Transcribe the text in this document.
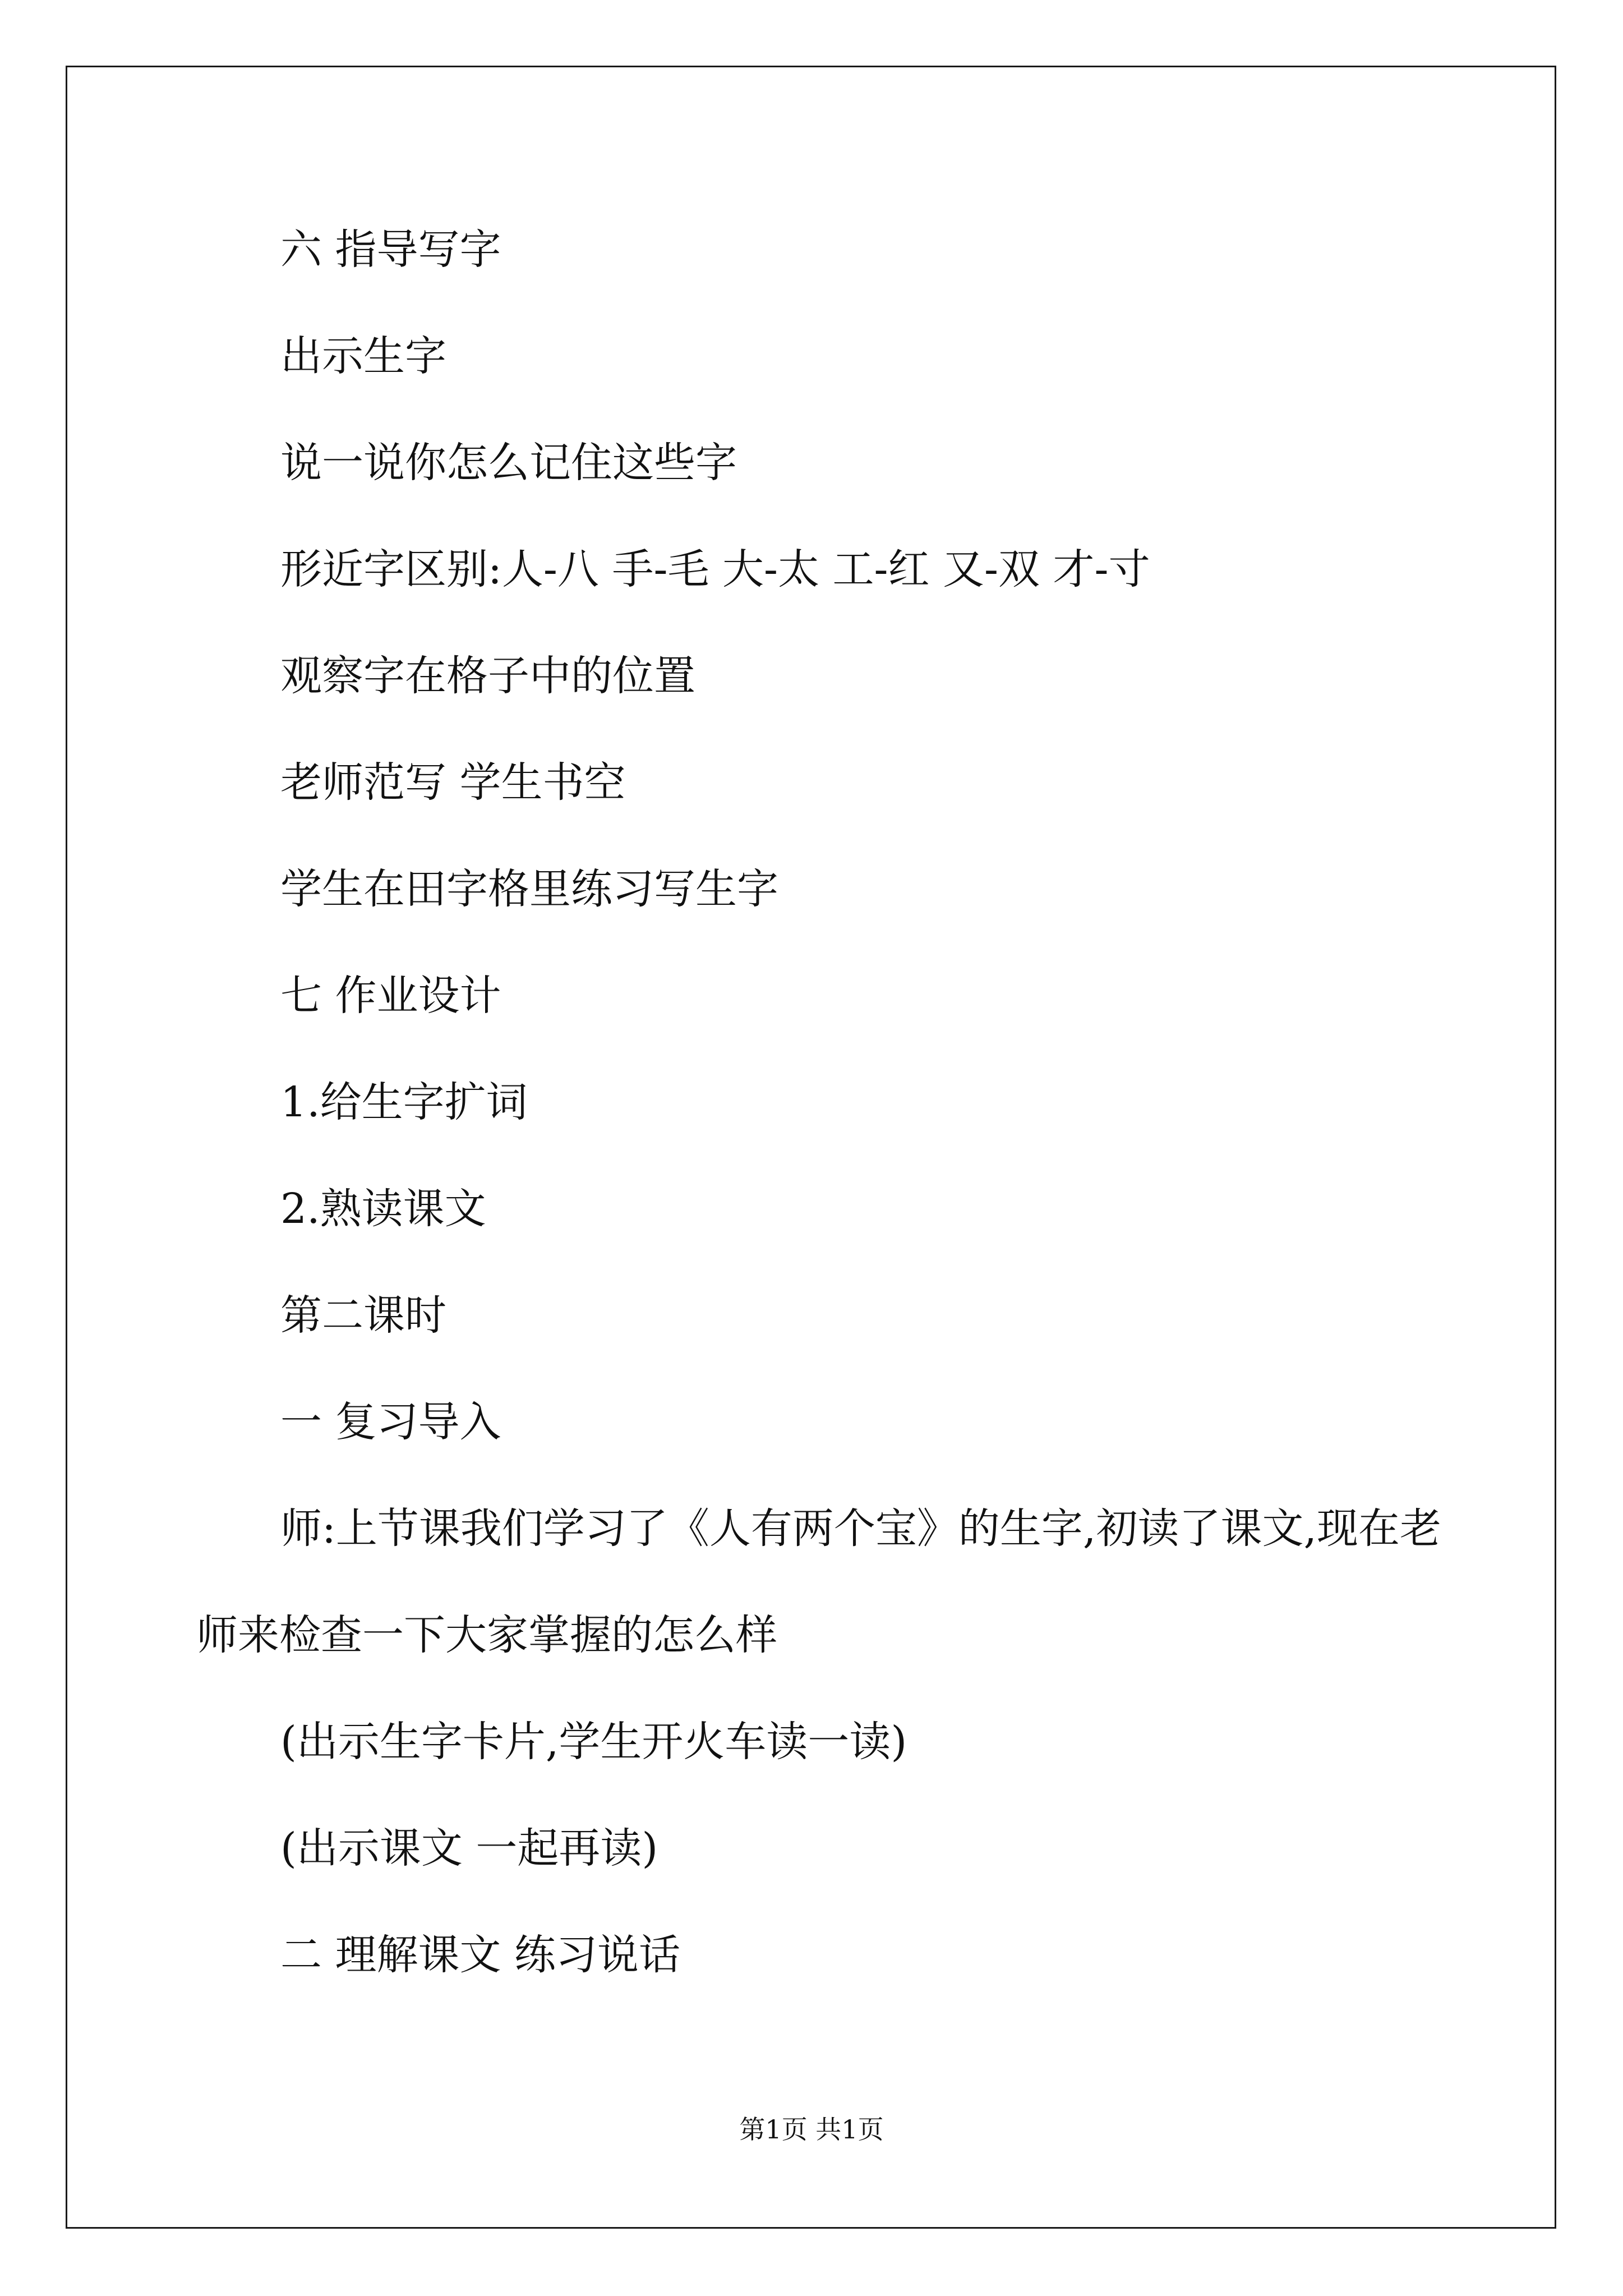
六 指导写字
出示生字
说一说你怎么记住这些字
形近字区别:人-八 手-毛 大-太 工-红 又-双 才-寸
观察字在格子中的位置
老师范写 学生书空
学生在田字格里练习写生字
七 作业设计
1.给生字扩词
2.熟读课文
第二课时
一 复习导入
师:上节课我们学习了《人有两个宝》的生字,初读了课文,现在老
师来检查一下大家掌握的怎么样
(出示生字卡片,学生开火车读一读)
(出示课文 一起再读)
二 理解课文 练习说话
第1页 共1页
